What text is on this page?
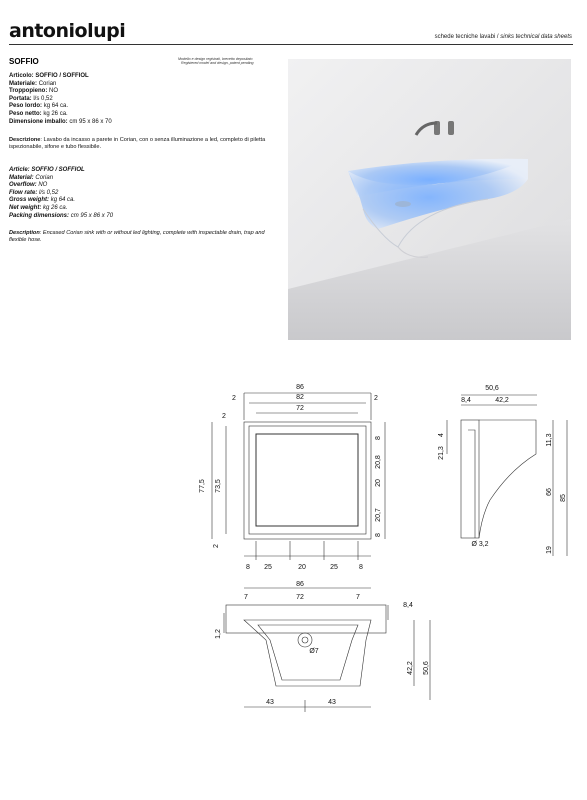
antoniolupi	schede tecniche lavabi / sinks technical data sheets
SOFFIO	Modello e design registrati, brevetto depositato
Registered model and design, patent pending
Articolo: SOFFIO / SOFFIOL
Materiale: Corian
Troppopieno: NO
Portata: l/s 0,52
Peso lordo: kg 64 ca.
Peso netto: kg 26 ca.
Dimensione imballo: cm 95 x 86 x 70
Descrizione: Lavabo da incasso a parete in Corian, con o senza illuminazione a led, completo di piletta ispezionabile, sifone e tubo flessibile.
Article: SOFFIO / SOFFIOL
Material: Corian
Overflow: NO
Flow rate: l/s 0,52
Gross weight: kg 64 ca.
Net weight: kg 26 ca.
Packing dimensions: cm 95 x 86 x 70
Description: Encased Corian sink with or without led lighting, complete with inspectable drain, trap and flexible hose.
86
82
72
2	2
2
77,5 73,5
8
20,8
20
20,7
8
2
8 25	20	25	8
50,6
8,4	42,2
4
21,3
11,3
66
85
19
Ø 3,2
86
72
7	7
1,2
8,4
42,2 50,6
Ø7
43	43
